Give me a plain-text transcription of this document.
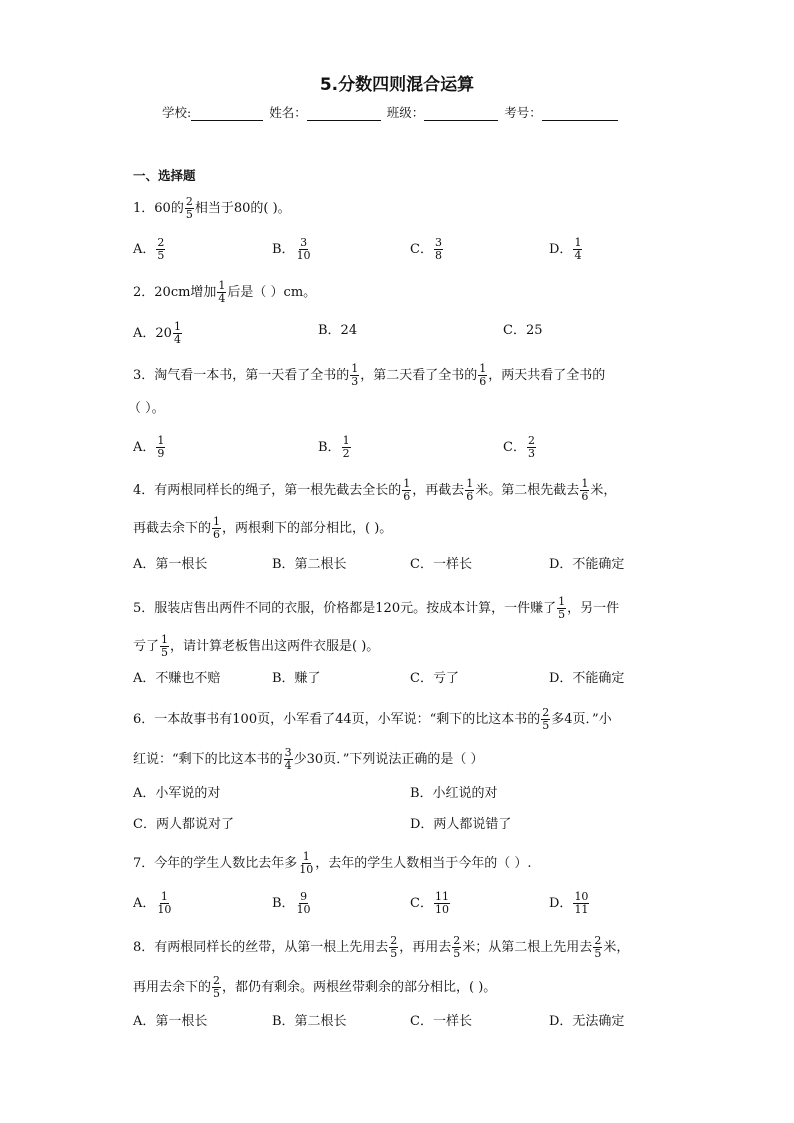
5.分数四则混合运算
学校:	姓名：	班级：	考号：
一、选择题
1．60的 $\frac{2}{5}$ 相当于80的( )。
A． $\frac{2}{5}$	B． $\frac{3}{10}$	C． $\frac{3}{8}$	D． $\frac{1}{4}$
2．20cm增加 $\frac{1}{4}$ 后是（ ）cm。
A．$20 \frac{1}{4}$	B．24	C．25
3．淘气看一本书，第一天看了全书的 $\frac{1}{3}$ ，第二天看了全书的 $\frac{1}{6}$ ，两天共看了全书的
（ ）。
A． $\frac{1}{9}$	B． $\frac{1}{2}$	C． $\frac{2}{3}$
4．有两根同样长的绳子，第一根先截去全长的 $\frac{1}{6}$ ，再截去 $\frac{1}{6}$ 米。第二根先截去 $\frac{1}{6}$ 米，
再截去余下的 $\frac{1}{6}$ ，两根剩下的部分相比，( )。
A．第一根长	B．第二根长	C．一样长	D．不能确定
5．服装店售出两件不同的衣服，价格都是120元。按成本计算，一件赚了 $\frac{1}{5}$ ，另一件
亏了 $\frac{1}{5}$ ，请计算老板售出这两件衣服是( )。
A．不赚也不赔	B．赚了	C．亏了	D．不能确定
6．一本故事书有100页，小军看了44页，小军说：“剩下的比这本书的 $\frac{2}{5}$ 多4页．”小
红说：“剩下的比这本书的 $\frac{3}{4}$ 少30页．”下列说法正确的是（ ）
A．小军说的对	B．小红说的对
C．两人都说对了	D．两人都说错了
7．今年的学生人数比去年多 $\frac{1}{10}$ ，去年的学生人数相当于今年的（ ）.
A． $\frac{1}{10}$	B． $\frac{9}{10}$	C． $\frac{11}{10}$	D． $\frac{10}{11}$
8．有两根同样长的丝带，从第一根上先用去 $\frac{2}{5}$ ，再用去 $\frac{2}{5}$ 米；从第二根上先用去 $\frac{2}{5}$ 米，
再用去余下的 $\frac{2}{5}$ ，都仍有剩余。两根丝带剩余的部分相比，( )。
A．第一根长	B．第二根长	C．一样长	D．无法确定
